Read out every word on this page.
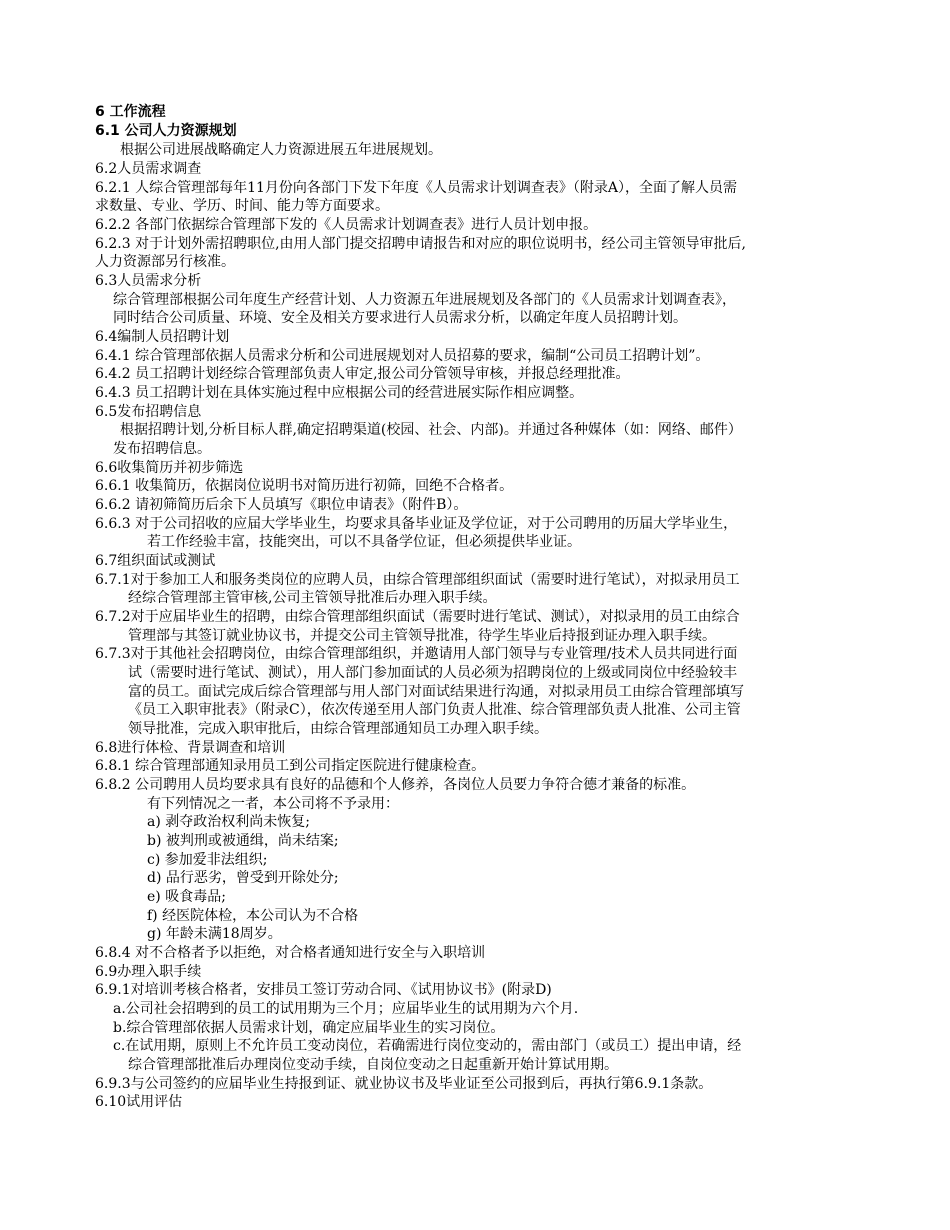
6 工作流程
6.1 公司人力资源规划
根据公司进展战略确定人力资源进展五年进展规划。
6.2人员需求调查
6.2.1 人综合管理部每年11月份向各部门下发下年度《人员需求计划调查表》（附录A），全面了解人员需
求数量、专业、学历、时间、能力等方面要求。
6.2.2 各部门依据综合管理部下发的《人员需求计划调查表》进行人员计划申报。
6.2.3 对于计划外需招聘职位,由用人部门提交招聘申请报告和对应的职位说明书，经公司主管领导审批后,
人力资源部另行核准。
6.3人员需求分析
综合管理部根据公司年度生产经营计划、人力资源五年进展规划及各部门的《人员需求计划调查表》，
同时结合公司质量、环境、安全及相关方要求进行人员需求分析，以确定年度人员招聘计划。
6.4编制人员招聘计划
6.4.1 综合管理部依据人员需求分析和公司进展规划对人员招募的要求，编制“公司员工招聘计划”。
6.4.2 员工招聘计划经综合管理部负责人审定,报公司分管领导审核，并报总经理批准。
6.4.3 员工招聘计划在具体实施过程中应根据公司的经营进展实际作相应调整。
6.5发布招聘信息
根据招聘计划,分析目标人群,确定招聘渠道(校园、社会、内部)。并通过各种媒体（如：网络、邮件）
发布招聘信息。
6.6收集简历并初步筛选
6.6.1 收集简历，依据岗位说明书对简历进行初筛，回绝不合格者。
6.6.2 请初筛简历后余下人员填写《职位申请表》（附件B）。
6.6.3 对于公司招收的应届大学毕业生，均要求具备毕业证及学位证，对于公司聘用的历届大学毕业生，
若工作经验丰富，技能突出，可以不具备学位证，但必须提供毕业证。
6.7组织面试或测试
6.7.1对于参加工人和服务类岗位的应聘人员，由综合管理部组织面试（需要时进行笔试），对拟录用员工
经综合管理部主管审核,公司主管领导批准后办理入职手续。
6.7.2对于应届毕业生的招聘，由综合管理部组织面试（需要时进行笔试、测试），对拟录用的员工由综合
管理部与其签订就业协议书，并提交公司主管领导批准，待学生毕业后持报到证办理入职手续。
6.7.3对于其他社会招聘岗位，由综合管理部组织，并邀请用人部门领导与专业管理/技术人员共同进行面
试（需要时进行笔试、测试），用人部门参加面试的人员必须为招聘岗位的上级或同岗位中经验较丰
富的员工。面试完成后综合管理部与用人部门对面试结果进行沟通，对拟录用员工由综合管理部填写
《员工入职审批表》（附录C），依次传递至用人部门负责人批准、综合管理部负责人批准、公司主管
领导批准，完成入职审批后，由综合管理部通知员工办理入职手续。
6.8进行体检、背景调查和培训
6.8.1 综合管理部通知录用员工到公司指定医院进行健康检查。
6.8.2 公司聘用人员均要求具有良好的品德和个人修养，各岗位人员要力争符合德才兼备的标准。
有下列情况之一者，本公司将不予录用：
a) 剥夺政治权利尚未恢复;
b) 被判刑或被通缉，尚未结案;
c) 参加爱非法组织;
d) 品行恶劣，曾受到开除处分;
e) 吸食毒品;
f) 经医院体检，本公司认为不合格
g) 年龄未满18周岁。
6.8.4 对不合格者予以拒绝，对合格者通知进行安全与入职培训
6.9办理入职手续
6.9.1对培训考核合格者，安排员工签订劳动合同、《试用协议书》(附录D)
a.公司社会招聘到的员工的试用期为三个月；应届毕业生的试用期为六个月.
b.综合管理部依据人员需求计划，确定应届毕业生的实习岗位。
c.在试用期，原则上不允许员工变动岗位，若确需进行岗位变动的，需由部门（或员工）提出申请，经
综合管理部批准后办理岗位变动手续，自岗位变动之日起重新开始计算试用期。
6.9.3与公司签约的应届毕业生持报到证、就业协议书及毕业证至公司报到后，再执行第6.9.1条款。
6.10试用评估
